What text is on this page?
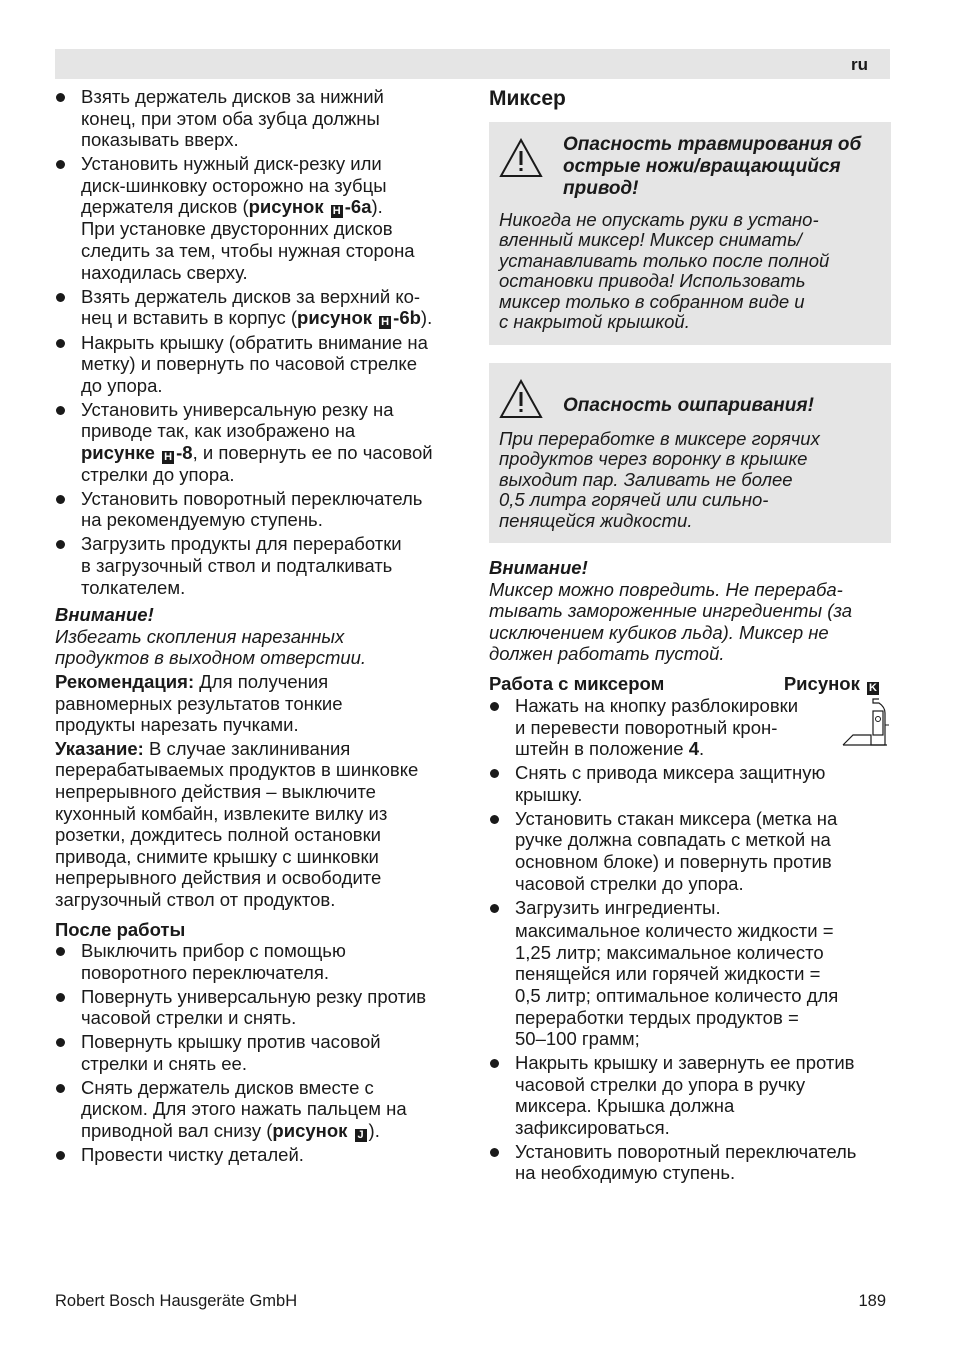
ru
Взять держатель дисков за нижний
конец, при этом оба зубца должны
показывать вверх.
Установить нужный диск-резку или
диск-шинковку осторожно на зубцы
держателя дисков (рисунок H -6a).
При установке двусторонних дисков
следить за тем, чтобы нужная сторона
находилась сверху.
Взять держатель дисков за верхний ко-
нец и вставить в корпус (рисунок H -6b).
Накрыть крышку (обратить внимание на
метку) и повернуть по часовой стрелке
до упора.
Установить универсальную резку на
приводе так, как изображено на
рисунке H -8, и повернуть ее по часовой
стрелки до упора.
Установить поворотный переключатель
на рекомендуемую ступень.
Загрузить продукты для переработки
в загрузочный ствол и подталкивать
толкателем.
Внимание!
Избегать скопления нарезанных
продуктов в выходном отверстии.
Рекомендация: Для получения
равномерных результатов тонкие
продукты нарезать пучками.
Указание: В случае заклинивания
перерабатываемых продуктов в шинковке
непрерывного действия – выключите
кухонный комбайн, извлеките вилку из
розетки, дождитесь полной остановки
привода, снимите крышку с шинковки
непрерывного действия и освободите
загрузочный ствол от продуктов.
После работы
Выключить прибор с помощью
поворотного переключателя.
Повернуть универсальную резку против
часовой стрелки и снять.
Повернуть крышку против часовой
стрелки и снять ее.
Снять держатель дисков вместе с
диском. Для этого нажать пальцем на
приводной вал снизу (рисунок J ).
Провести чистку деталей.
Миксер
Опасность травмирования об
острые ножи/вращающийся
привод!
Никогда не опускать руки в устано-
вленный миксер! Миксер снимать/
устанавливать только после полной
остановки привода! Использовать
миксер только в собранном виде и
с накрытой крышкой.
Опасность ошпаривания!
При переработке в миксере горячих
продуктов через воронку в крышке
выходит пар. Заливать не более
0,5 литра горячей или сильно-
пенящейся жидкости.
Внимание!
Миксер можно повредить. Не перераба-
тывать замороженные ингредиенты (за
исключением кубиков льда). Миксер не
должен работать пустой.
Работа с миксером	Рисунок K
Нажать на кнопку разблокировки
и перевести поворотный крон-
штейн в положение 4.
Снять с привода миксера защитную
крышку.
Установить стакан миксера (метка на
ручке должна совпадать с меткой на
основном блоке) и повернуть против
часовой стрелки до упора.
Загрузить ингредиенты.
максимальное количесто жидкости =
1,25 литр; максимальное количесто
пенящейся или горячей жидкости =
0,5 литр; оптимальное количесто для
переработки тердых продуктов =
50–100 грамм;
Накрыть крышку и завернуть ее против
часовой стрелки до упора в ручку
миксера. Крышка должна
зафиксироваться.
Установить поворотный переключатель
на необходимую ступень.
Robert Bosch Hausgeräte GmbH	189
